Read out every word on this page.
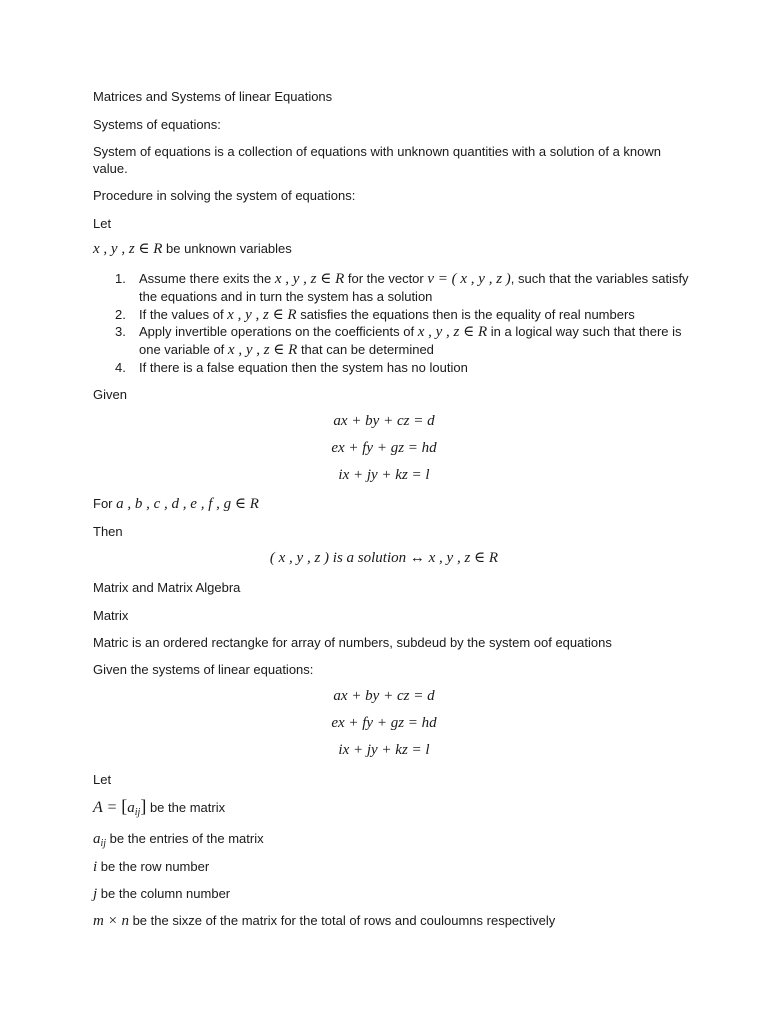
Matrices and Systems of linear Equations

Systems of equations:

System of equations is a collection of equations with unknown quantities with a solution of a known value.

Procedure in solving the system of equations:

Let

x , y , z ∈ R be unknown variables

1. Assume there exits the x , y , z ∈ R for the vector v = ( x , y , z ), such that the variables satisfy the equations and in turn the system has a solution
2. If the values of x , y , z ∈ R satisfies the equations then is the equality of real numbers
3. Apply invertible operations on the coefficients of x , y , z ∈ R in a logical way such that there is one variable of x , y , z ∈ R that can be determined
4. If there is a false equation then the system has no loution

Given

ax + by + cz = d
ex + fy + gz = hd
ix + jy + kz = l

For a , b , c , d , e , f , g ∈ R

Then

( x , y , z ) is a solution ↔ x , y , z ∈ R

Matrix and Matrix Algebra

Matrix

Matric is an ordered rectangke for array of numbers, subdeud by the system oof equations

Given the systems of linear equations:

ax + by + cz = d
ex + fy + gz = hd
ix + jy + kz = l

Let

$A = [a_{ij}]$ be the matrix

$a_{ij}$ be the entries of the matrix

i be the row number

j be the column number

m × n be the sixze of the matrix for the total of rows and couloumns respectively
